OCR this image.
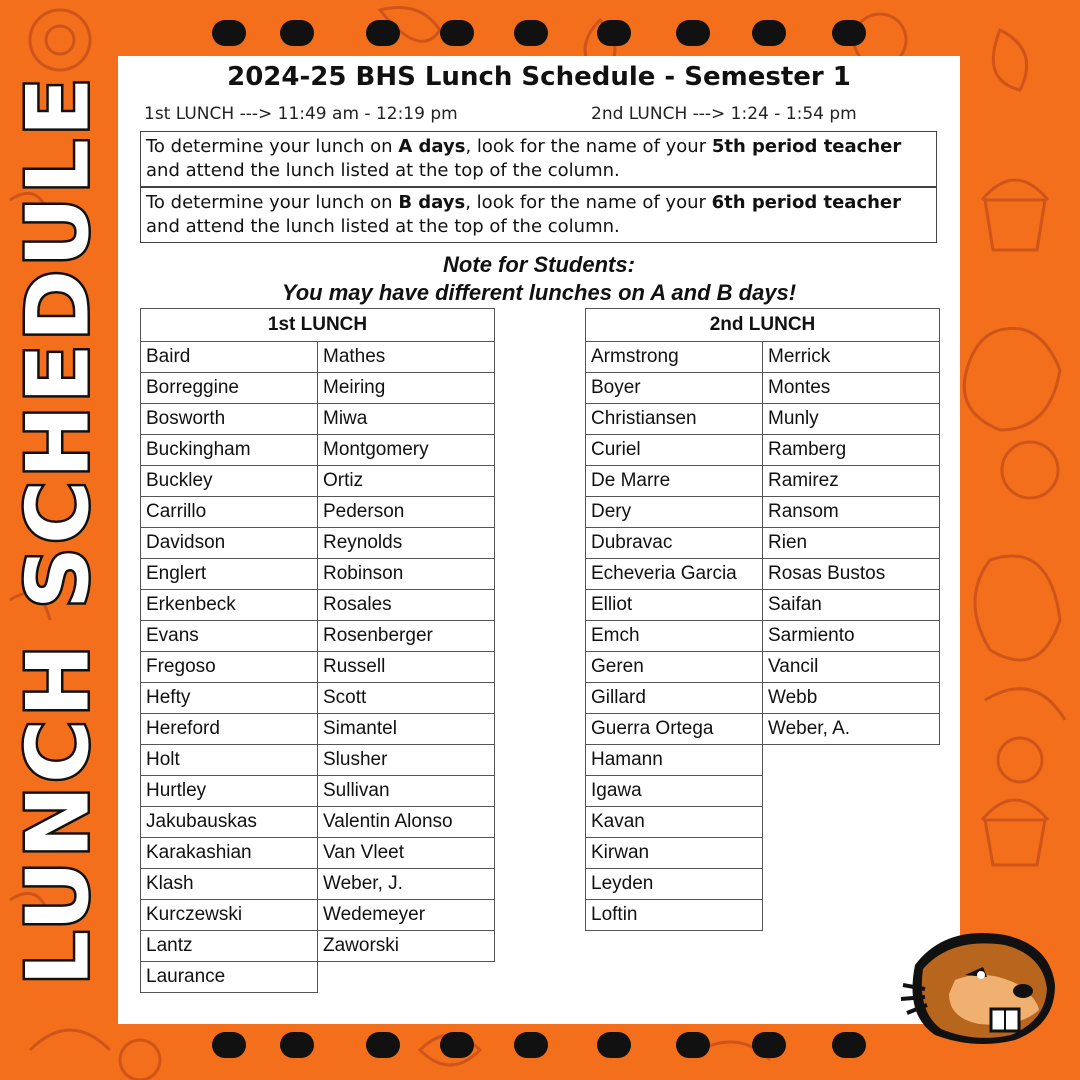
LUNCH SCHEDULE	2024-25 BHS Lunch Schedule - Semester 1
1st LUNCH ---> 11:49 am - 12:19 pm	2nd LUNCH ---> 1:24 - 1:54 pm
To determine your lunch on A days, look for the name of your 5th period teacher and attend the lunch listed at the top of the column.
To determine your lunch on B days, look for the name of your 6th period teacher and attend the lunch listed at the top of the column.
Note for Students:
You may have different lunches on A and B days!
1st LUNCH	
Baird	Mathes
Borreggine	Meiring
Bosworth	Miwa
Buckingham	Montgomery
Buckley	Ortiz
Carrillo	Pederson
Davidson	Reynolds
Englert	Robinson
Erkenbeck	Rosales
Evans	Rosenberger
Fregoso	Russell
Hefty	Scott
Hereford	Simantel
Holt	Slusher
Hurtley	Sullivan
Jakubauskas	Valentin Alonso
Karakashian	Van Vleet
Klash	Weber, J.
Kurczewski	Wedemeyer
Lantz	Zaworski
Laurance	
2nd LUNCH	
Armstrong	Merrick
Boyer	Montes
Christiansen	Munly
Curiel	Ramberg
De Marre	Ramirez
Dery	Ransom
Dubravac	Rien
Echeveria Garcia	Rosas Bustos
Elliot	Saifan
Emch	Sarmiento
Geren	Vancil
Gillard	Webb
Guerra Ortega	Weber, A.
Hamann	
Igawa	
Kavan	
Kirwan	
Leyden	
Loftin	
